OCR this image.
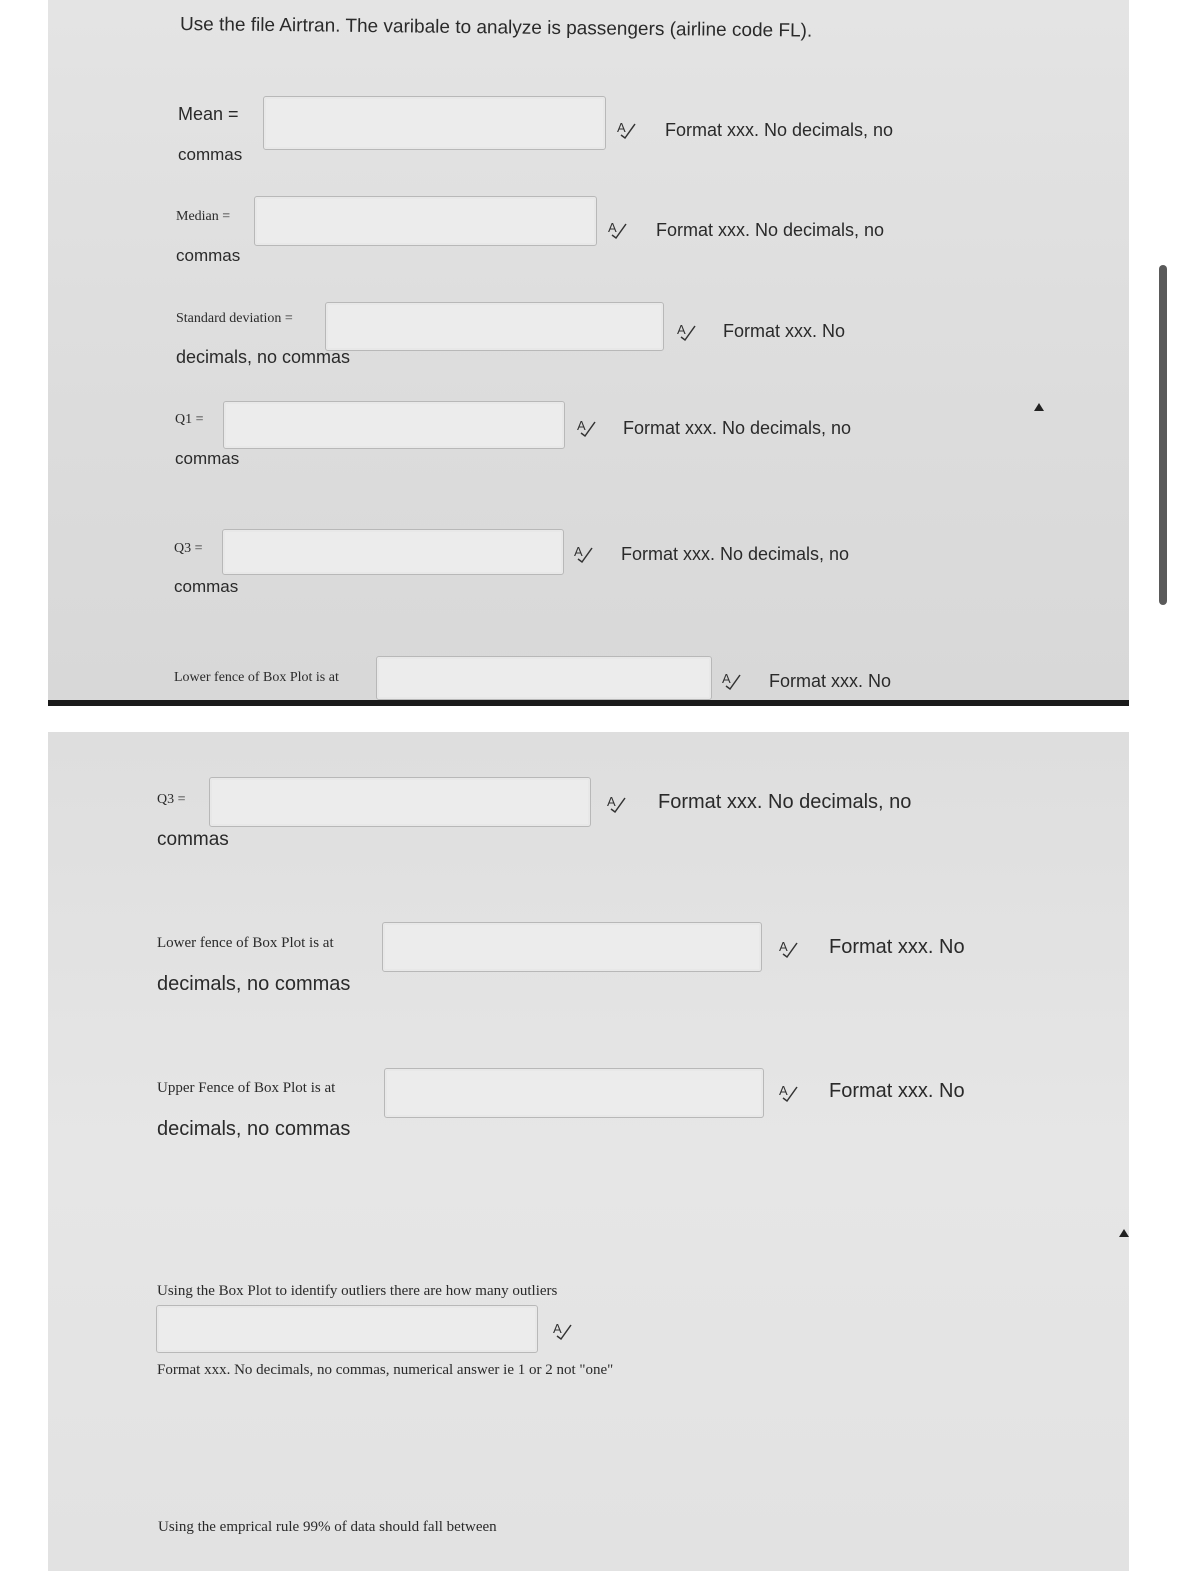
Use the file Airtran. The varibale to analyze is passengers (airline code FL).
Mean =
A Format xxx. No decimals, no
commas
Median =
A Format xxx. No decimals, no
commas
Standard deviation =
A Format xxx. No
decimals, no commas
Q1 =	A Format xxx. No decimals, no
commas
Q3 =	A Format xxx. No decimals, no
commas
Lower fence of Box Plot is at	A Format xxx. No
Q3 =	A Format xxx. No decimals, no
commas
Lower fence of Box Plot is at	A Format xxx. No
decimals, no commas
Upper Fence of Box Plot is at	A Format xxx. No
decimals, no commas
Using the Box Plot to identify outliers there are how many outliers
A
Format xxx. No decimals, no commas, numerical answer ie 1 or 2 not "one"
Using the emprical rule 99% of data should fall between
